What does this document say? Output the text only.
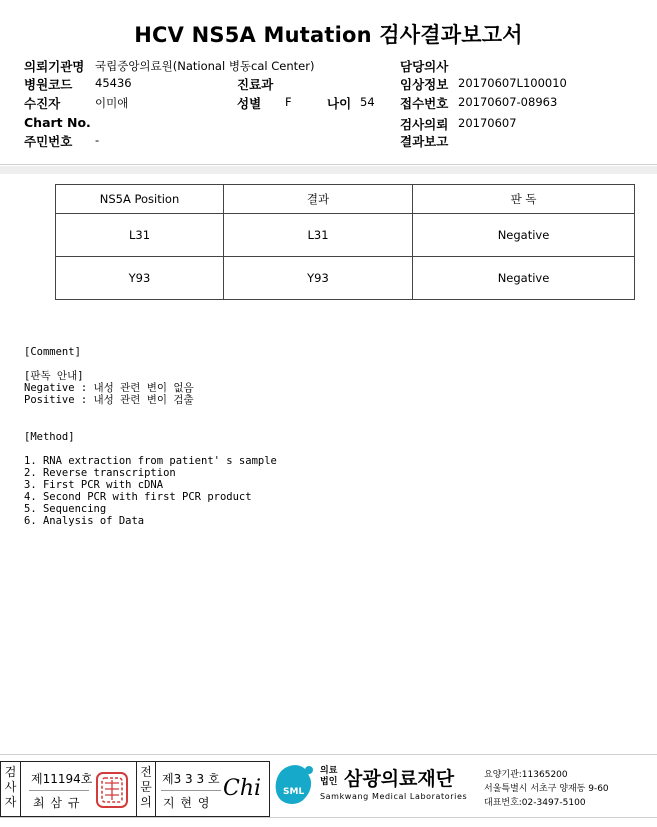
HCV NS5A Mutation 검사결과보고서
의뢰기관명 국립중앙의료원(National 병동cal Center)	담당의사
병원코드 45436	진료과	임상정보 20170607L100010
수진자	이미애	성별 F	나이 54 접수번호 20170607-08963
Chart No.	검사의뢰 20170607
주민번호 -	결과보고
NS5A Position	결과	판 독
L31	L31	Negative
Y93	Y93	Negative
[Comment]
[판독 안내]
Negative : 내성 관련 변이 없음
Positive : 내성 관련 변이 검출
[Method]
1. RNA extraction from patient' s sample
2. Reverse transcription
3. First PCR with cDNA
4. Second PCR with first PCR product
5. Sequencing
6. Analysis of Data
검사자
제11194호
최 삼 규
전문의
제3 3 3 호
지 현 영
Chi SML
의료법인 삼광의료재단
Samkwang Medical Laboratories
요양기관:11365200
서울특별시 서초구 양재동 9-60
대표번호:02-3497-5100
